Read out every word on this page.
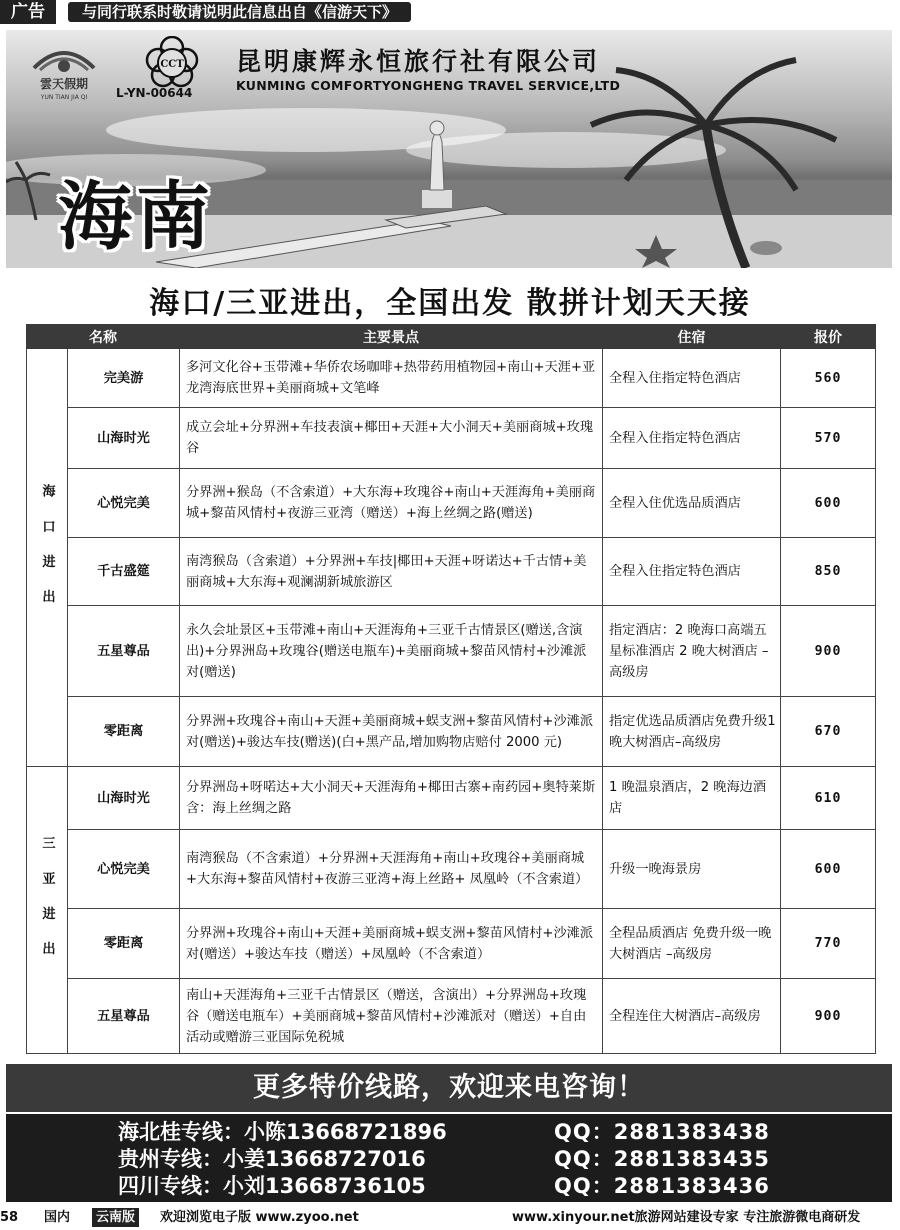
广告	与同行联系时敬请说明此信息出自《信游天下》
雲天假期
YUN TIAN JIA QI
CCT
L-YN-00644
昆明康辉永恒旅行社有限公司
KUNMING COMFORTYONGHENG TRAVEL SERVICE,LTD
海南
海口/三亚进出，全国出发 散拼计划天天接
名称		主要景点	住宿	报价
海口进出	完美游	多河文化谷+玉带滩+华侨农场咖啡+热带药用植物园+南山+天涯+亚龙湾海底世界+美丽商城+文笔峰	全程入住指定特色酒店	560
	山海时光	成立会址+分界洲+车技表演+椰田+天涯+大小洞天+美丽商城+玫瑰谷	全程入住指定特色酒店	570
	心悦完美	分界洲+猴岛（不含索道）+大东海+玫瑰谷+南山+天涯海角+美丽商城+黎苗风情村+夜游三亚湾（赠送）+海上丝绸之路(赠送)	全程入住优选品质酒店	600
	千古盛筵	南湾猴岛（含索道）+分界洲+车技|椰田+天涯+呀诺达+千古情+美丽商城+大东海+观澜湖新城旅游区	全程入住指定特色酒店	850
	五星尊品	永久会址景区+玉带滩+南山+天涯海角+三亚千古情景区(赠送,含演出)+分界洲岛+玫瑰谷(赠送电瓶车)+美丽商城+黎苗风情村+沙滩派对(赠送)	指定酒店：2 晚海口高端五星标准酒店 2 晚大树酒店 – 高级房	900
	零距离	分界洲+玫瑰谷+南山+天涯+美丽商城+蜈支洲+黎苗风情村+沙滩派对(赠送)+骏达车技(赠送)(白+黑产品,增加购物店赔付 2000 元)	指定优选品质酒店免费升级1晚大树酒店–高级房	670
三亚进出	山海时光	分界洲岛+呀喏达+大小洞天+天涯海角+椰田古寨+南药园+奥特莱斯 含：海上丝绸之路	1 晚温泉酒店，2 晚海边酒店	610
	心悦完美	南湾猴岛（不含索道）+分界洲+天涯海角+南山+玫瑰谷+美丽商城+大东海+黎苗风情村+夜游三亚湾+海上丝路+ 凤凰岭（不含索道）	升级一晚海景房	600
	零距离	分界洲+玫瑰谷+南山+天涯+美丽商城+蜈支洲+黎苗风情村+沙滩派对(赠送）+骏达车技（赠送）+凤凰岭（不含索道）	全程品质酒店 免费升级一晚大树酒店 –高级房	770
	五星尊品	南山+天涯海角+三亚千古情景区（赠送，含演出）+分界洲岛+玫瑰谷（赠送电瓶车）+美丽商城+黎苗风情村+沙滩派对（赠送）+自由活动或赠游三亚国际免税城	全程连住大树酒店–高级房	900
更多特价线路，欢迎来电咨询！
海北桂专线：小陈13668721896	QQ：2881383438
贵州专线：小姜13668727016	QQ：2881383435
四川专线：小刘13668736105	QQ：2881383436
58 国内	云南版	欢迎浏览电子版 www.zyoo.net	www.xinyour.net旅游网站建设专家 专注旅游微电商研发
